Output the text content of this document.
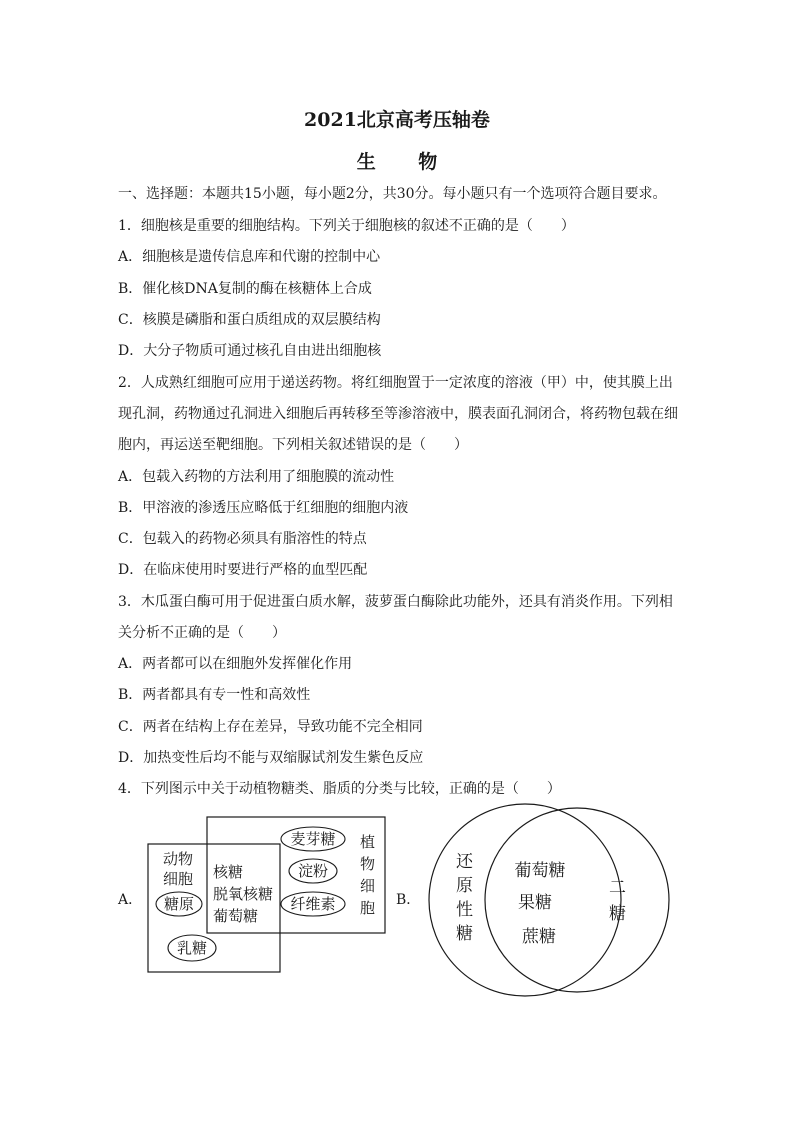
2021北京高考压轴卷
生 物
一、选择题：本题共15小题，每小题2分，共30分。每小题只有一个选项符合题目要求。
1．细胞核是重要的细胞结构。下列关于细胞核的叙述不正确的是（　　）
A．细胞核是遗传信息库和代谢的控制中心
B．催化核DNA复制的酶在核糖体上合成
C．核膜是磷脂和蛋白质组成的双层膜结构
D．大分子物质可通过核孔自由进出细胞核
2．人成熟红细胞可应用于递送药物。将红细胞置于一定浓度的溶液（甲）中，使其膜上出
现孔洞，药物通过孔洞进入细胞后再转移至等渗溶液中，膜表面孔洞闭合，将药物包载在细
胞内，再运送至靶细胞。下列相关叙述错误的是（　　）
A．包载入药物的方法利用了细胞膜的流动性
B．甲溶液的渗透压应略低于红细胞的细胞内液
C．包载入的药物必须具有脂溶性的特点
D．在临床使用时要进行严格的血型匹配
3．木瓜蛋白酶可用于促进蛋白质水解，菠萝蛋白酶除此功能外，还具有消炎作用。下列相
关分析不正确的是（　　）
A．两者都可以在细胞外发挥催化作用
B．两者都具有专一性和高效性
C．两者在结构上存在差异，导致功能不完全相同
D．加热变性后均不能与双缩脲试剂发生紫色反应
4．下列图示中关于动植物糖类、脂质的分类与比较，正确的是（　　）
A．	B．
动物
细胞
糖原
乳糖
核糖
脱氧核糖
葡萄糖
麦芽糖
淀粉
纤维素
植
物
细
胞
还
原
性
糖
葡萄糖
果糖
蔗糖
二
糖
